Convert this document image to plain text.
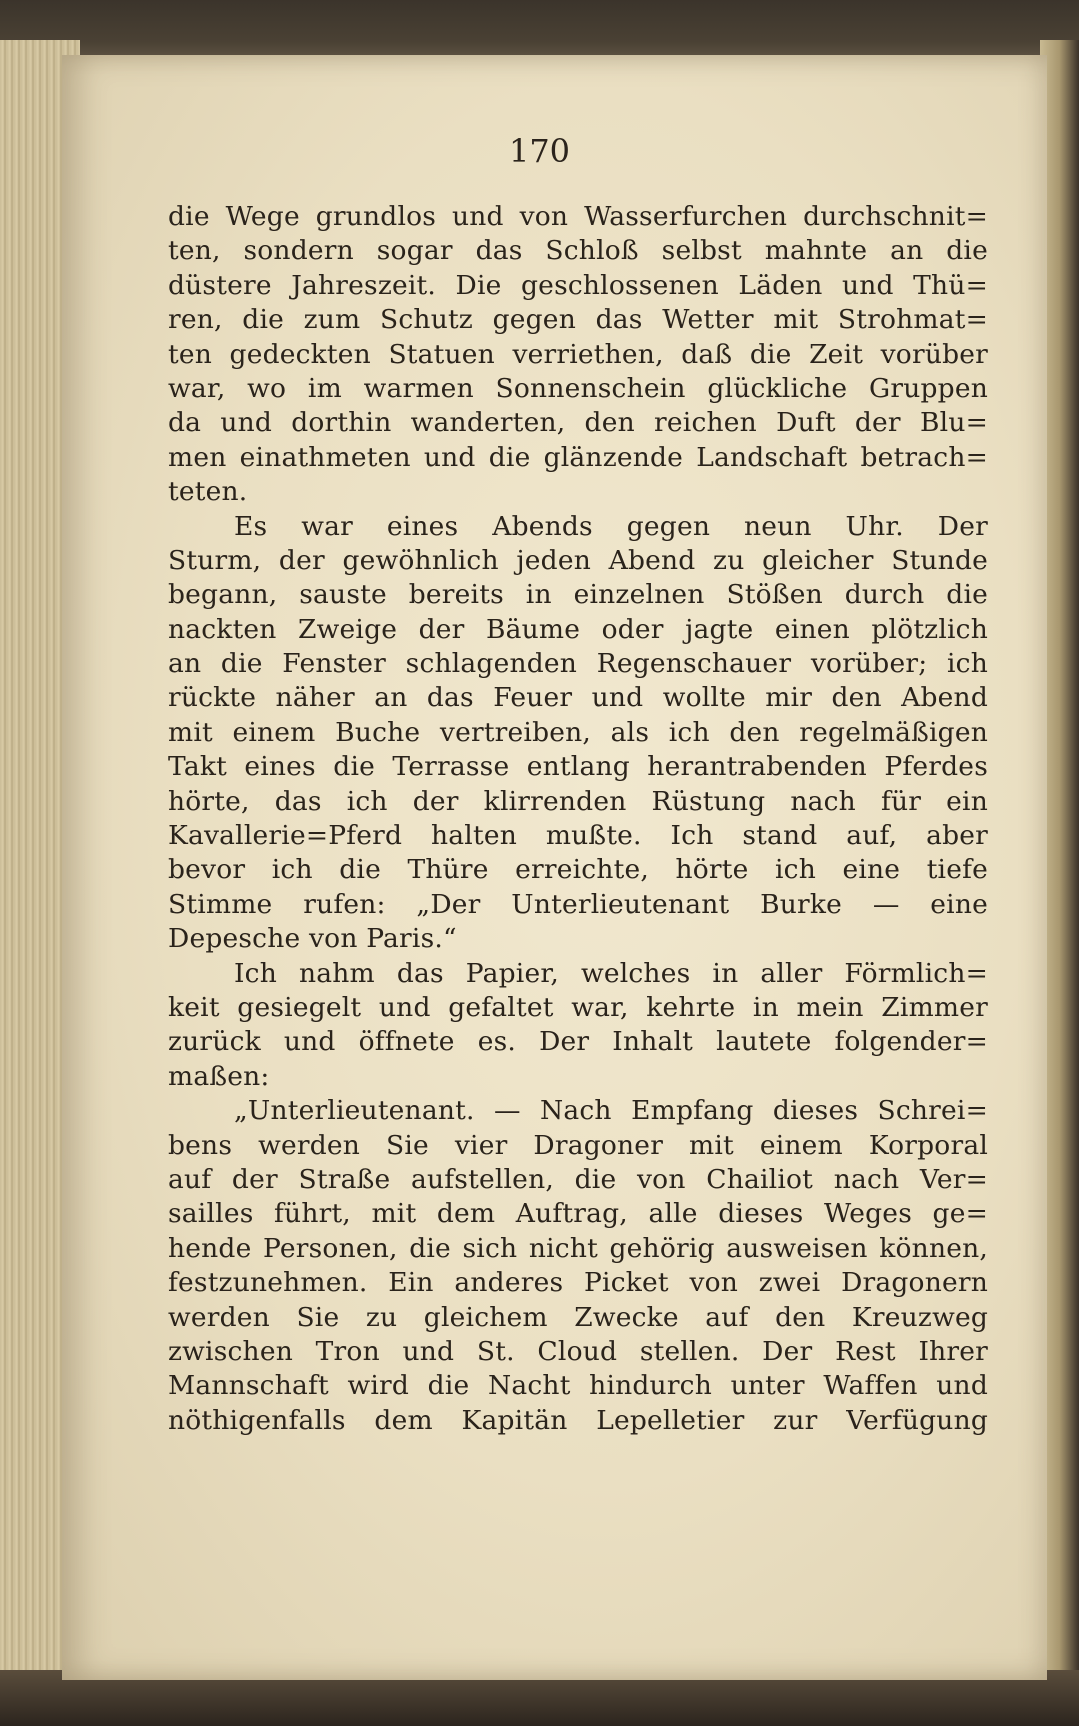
170

die Wege grundlos und von Wasserfurchen durchschnit=
ten, sondern sogar das Schloß selbst mahnte an die
düstere Jahreszeit. Die geschlossenen Läden und Thü=
ren, die zum Schutz gegen das Wetter mit Strohmat=
ten gedeckten Statuen verriethen, daß die Zeit vorüber
war, wo im warmen Sonnenschein glückliche Gruppen
da und dorthin wanderten, den reichen Duft der Blu=
men einathmeten und die glänzende Landschaft betrach=
teten.
Es war eines Abends gegen neun Uhr. Der
Sturm, der gewöhnlich jeden Abend zu gleicher Stunde
begann, sauste bereits in einzelnen Stößen durch die
nackten Zweige der Bäume oder jagte einen plötzlich
an die Fenster schlagenden Regenschauer vorüber; ich
rückte näher an das Feuer und wollte mir den Abend
mit einem Buche vertreiben, als ich den regelmäßigen
Takt eines die Terrasse entlang herantrabenden Pferdes
hörte, das ich der klirrenden Rüstung nach für ein
Kavallerie=Pferd halten mußte. Ich stand auf, aber
bevor ich die Thüre erreichte, hörte ich eine tiefe
Stimme rufen: „Der Unterlieutenant Burke — eine
Depesche von Paris.“
Ich nahm das Papier, welches in aller Förmlich=
keit gesiegelt und gefaltet war, kehrte in mein Zimmer
zurück und öffnete es. Der Inhalt lautete folgender=
maßen:
„Unterlieutenant. — Nach Empfang dieses Schrei=
bens werden Sie vier Dragoner mit einem Korporal
auf der Straße aufstellen, die von Chailiot nach Ver=
sailles führt, mit dem Auftrag, alle dieses Weges ge=
hende Personen, die sich nicht gehörig ausweisen können,
festzunehmen. Ein anderes Picket von zwei Dragonern
werden Sie zu gleichem Zwecke auf den Kreuzweg
zwischen Tron und St. Cloud stellen. Der Rest Ihrer
Mannschaft wird die Nacht hindurch unter Waffen und
nöthigenfalls dem Kapitän Lepelletier zur Verfügung
